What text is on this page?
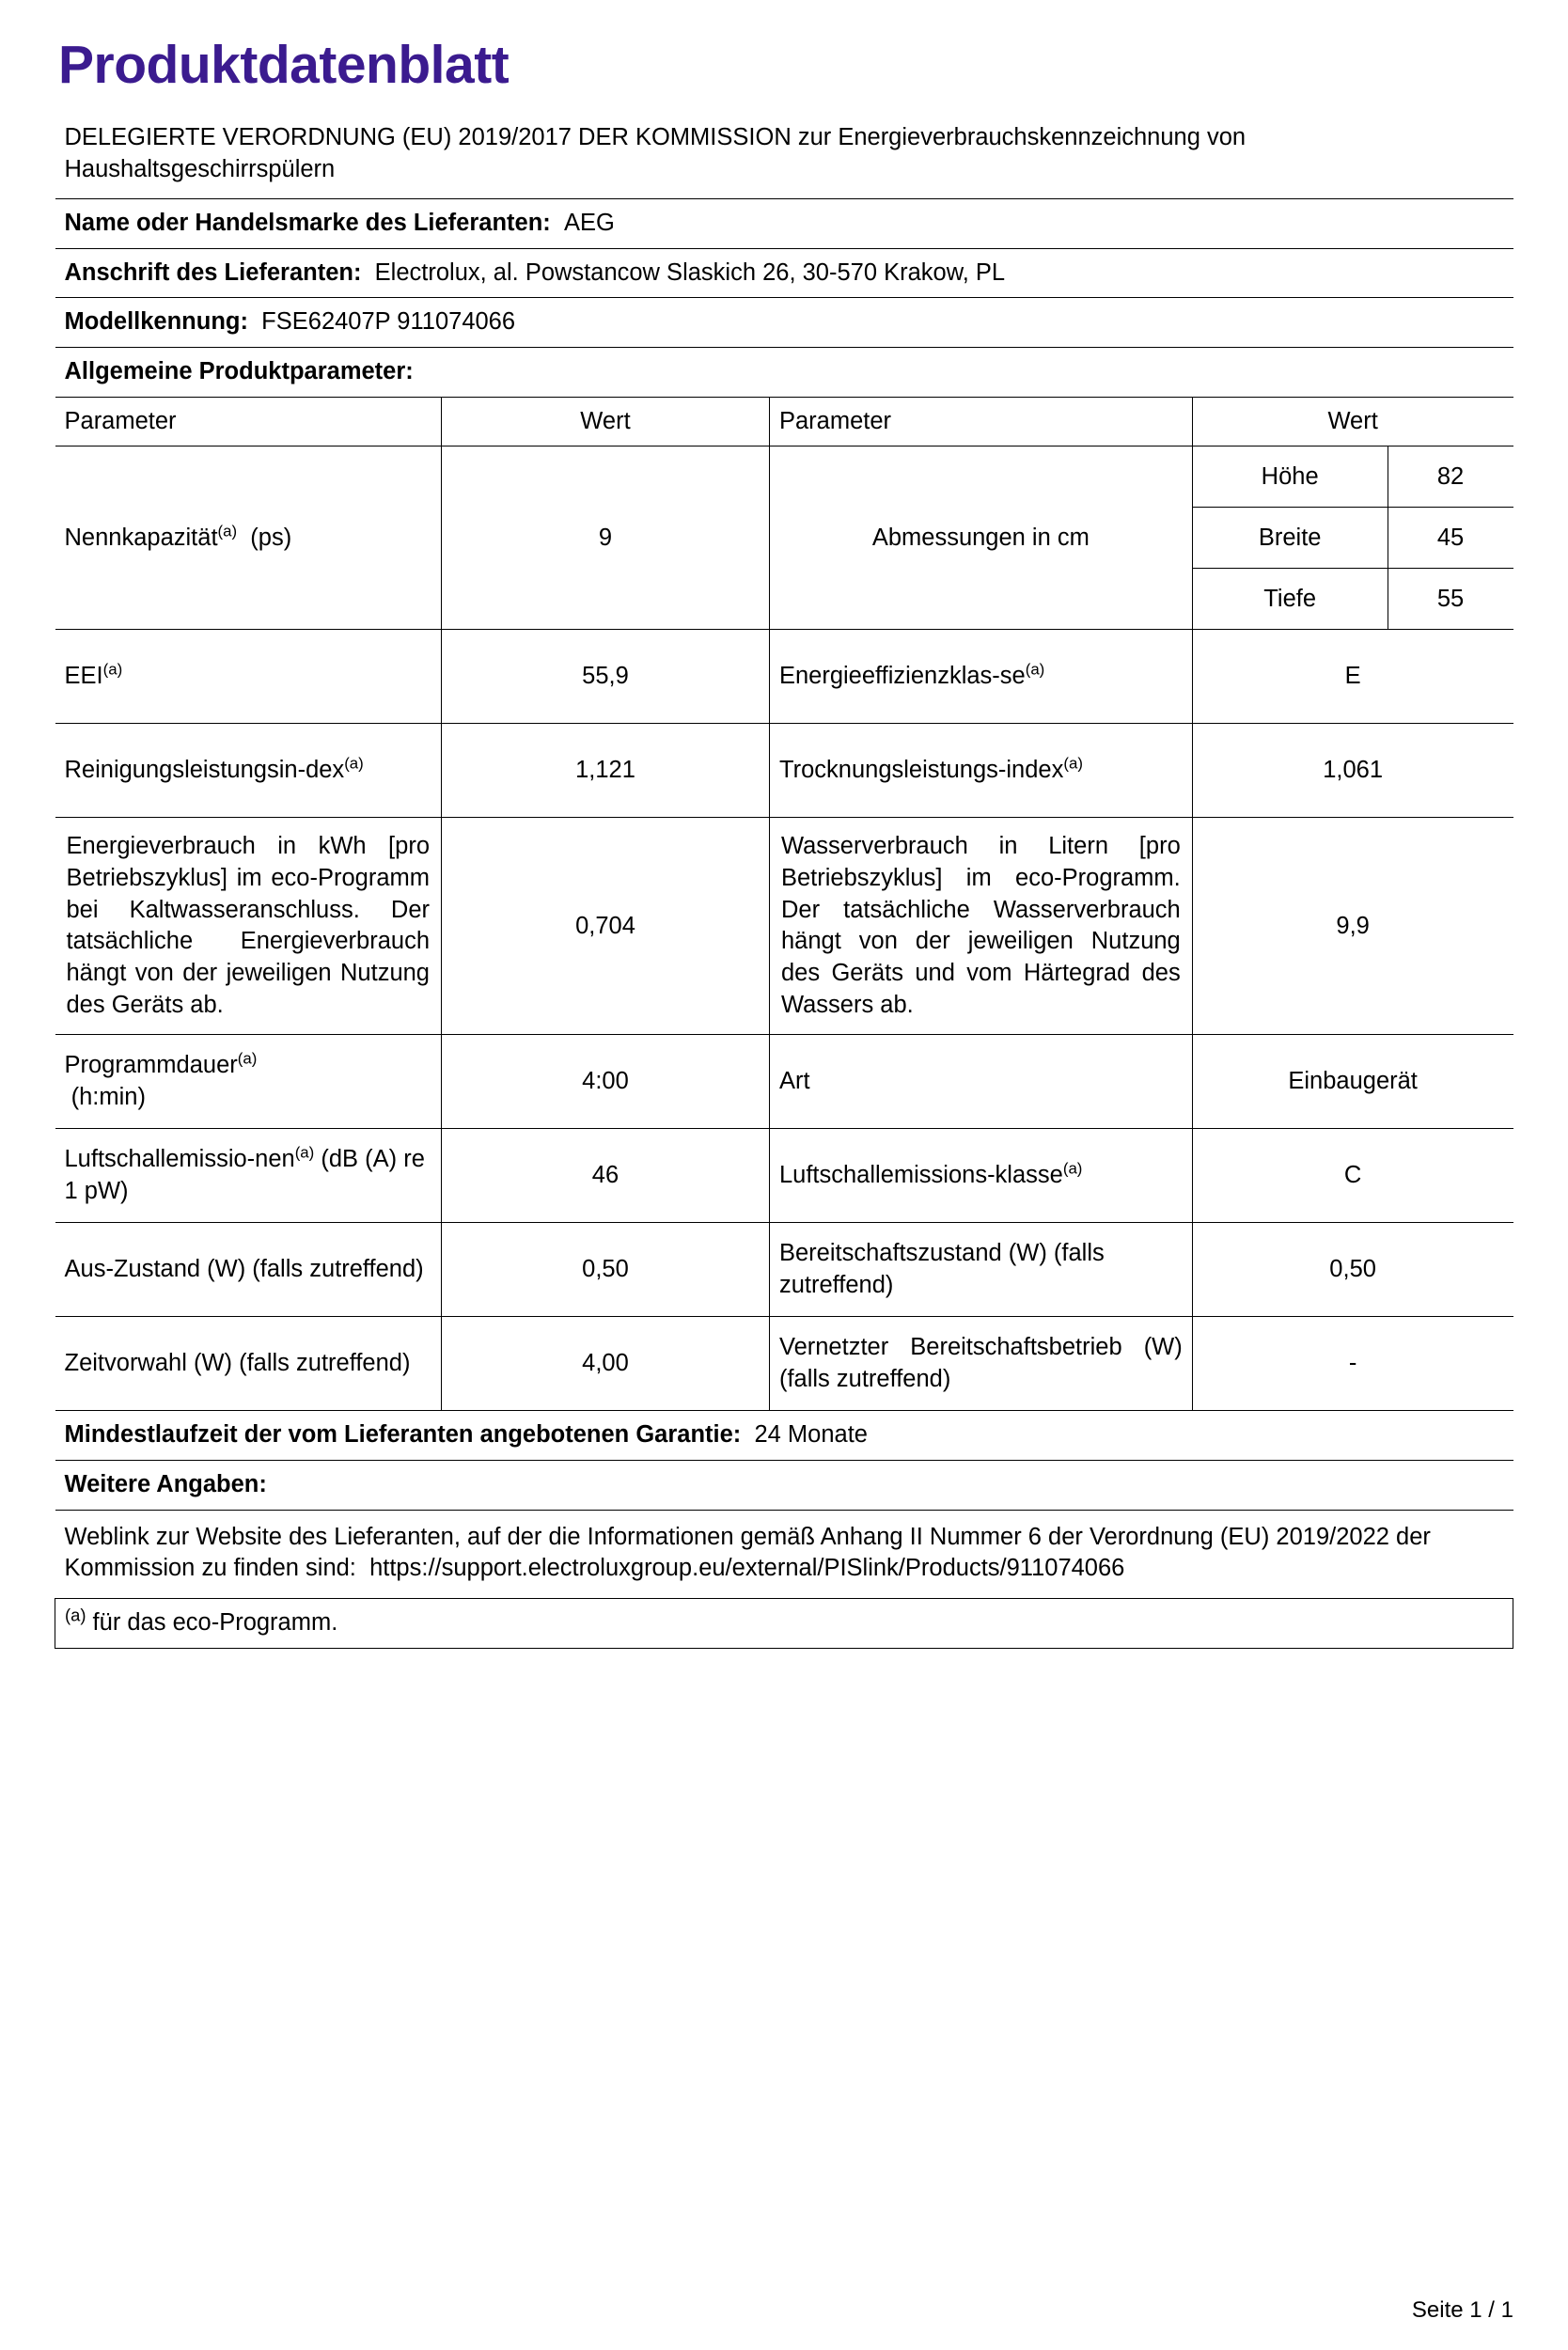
Produktdatenblatt
DELEGIERTE VERORDNUNG (EU) 2019/2017 DER KOMMISSION zur Energieverbrauchskennzeichnung von Haushaltsgeschirrspülern
Name oder Handelsmarke des Lieferanten: AEG
Anschrift des Lieferanten: Electrolux, al. Powstancow Slaskich 26, 30-570 Krakow, PL
Modellkennung: FSE62407P 911074066
Allgemeine Produktparameter:
Parameter	Wert	Parameter	Wert
Nennkapazität$^{(a)}$ (ps)	9	Abmessungen in cm	
Höhe	82
Breite	45
Tiefe	55

EEI$^{(a)}$	55,9	Energieeffizienzklas-$se^{(a)}$	E
Reinigungsleistungsin-dex$^{(a)}$	1,121	Trocknungsleistungs-index$^{(a)}$	1,061
Energieverbrauch in kWh [pro Betriebszyklus] im eco-Programm bei Kaltwasseranschluss. Der tatsächliche Energieverbrauch hängt von der jeweiligen Nutzung des Geräts ab.	0,704	Wasserverbrauch in Litern [pro Betriebszyklus] im eco-Programm. Der tatsächliche Wasserverbrauch hängt von der jeweiligen Nutzung des Geräts und vom Härtegrad des Wassers ab.	9,9
Programmdauer$^{(a)}$
(h:min)	4:00	Art	Einbaugerät
Luftschallemissio-nen$^{(a)}$ (dB (A) re 1 pW)	46	Luftschallemissions-klasse$^{(a)}$	C
Aus-Zustand (W) (falls zutreffend)	0,50	Bereitschaftszustand (W) (falls zutreffend)	0,50
Zeitvorwahl (W) (falls zutreffend)	4,00	Vernetzter Bereitschaftsbetrieb (W) (falls zutreffend)	-
Mindestlaufzeit der vom Lieferanten angebotenen Garantie: 24 Monate
Weitere Angaben:
Weblink zur Website des Lieferanten, auf der die Informationen gemäß Anhang II Nummer 6 der Verordnung (EU) 2019/2022 der Kommission zu finden sind: https://support.electroluxgroup.eu/external/PISlink/Products/911074066
$^{(a)}$ für das eco-Programm.
Seite 1 / 1
